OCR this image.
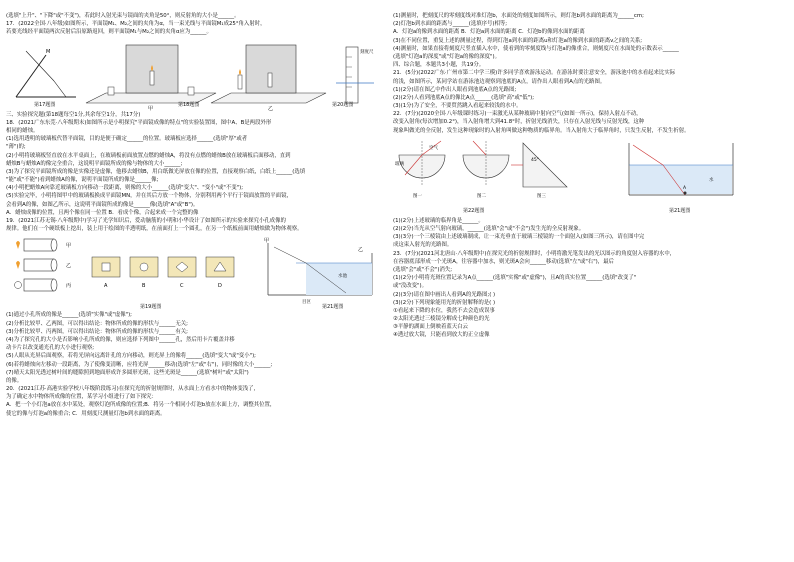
(选填"上升"、"下降"或"不变")，若此时入射光束与镜面的夹角是50°，则反射角的大小是______。
17．(2022全国·八年级)如图所示，平面镜M₁、M₂之间的夹角为α，当一束光线与平面镜M₁成25°角入射时，
若要光线经平面镜两次反射后沿原路返回，则平面镜M₁与M₂之间的夹角α应为______。
M
甲	乙
刻度尺
第17题图	第18题图	第20题图
三、实验探究题(第18题每空1分,其余每空1分，共17分)
18．(2021广东东莞·八年级期末)如图所示是小明探究"平面镜成像的特点"的实验装置图，图中A、B是两段外形
相同的蜡烛。
(1)选用透明的玻璃板代替平面镜，目的是便于确定______的位置。玻璃板应选择______(选填"厚"或者
"薄")的;
(2)小明将玻璃板竖直放在水平桌面上，在玻璃板前面放置点燃的蜡烛A，将没有点燃的蜡烛B放在玻璃板后面移动，直到
蜡烛B与蜡烛A的像完全重合，这说明平面镜所成的像与物体的大小______;
(3)为了探究平面镜所成的像是实像还是虚像，他移去蜡烛B，用白纸做光屏放在像的位置，直接观察白纸，白纸上______(选填
"能"或"不能")看到蜡烛A的像，说明平面镜所成的像是______像;
(4)小明把蜡烛A向靠近玻璃板方向移动一段距离，则像的大小______(选填"变大"、"变小"或"不变");
(5)实验完毕，小明将图甲中的玻璃板换成平面镜MN，并在其后方放一个物体，分别利用两个平行于镜面放置的平面镜，
会看到A的像，如图乙所示，这说明平面镜所成的像是______像(选填"A"或"B")。
A．蜡烛成像的位置，且两个像在同一位置 B．看成个像，合起来成一个完整的像
19．(2021江苏无锡·八年级期中)学习了光学知识后，爱动脑筋的小明和小华设计了如图所示的实验来探究小孔成像的
规律。他们在一个硬纸板上挖出，装上用于绘图的半透明纸，在前面打上一个圆孔，在另一个纸板前面用蜡烛做为物体观察。
甲
乙
丙	A	B	C	D
甲
乙
水池
目区
第19题图	第21题图
(1)通过小孔所成的像是______(选填"实像"或"虚像");
(2)分析比较甲、乙两图，可以得出结论：物体所成的像的形状与______无关;
(3)分析比较甲、丙两图，可以得出结论：物体所成的像的形状与______有关;
(4)为了探究孔的大小是否影响小孔所成的像，则应选择下列图中______孔，然后用卡片覆盖并移
动卡片以改变通光孔的大小进行观察;
(5)人眼从光屏后面观察，若将光屏向远离针孔的方向移动，则光屏上的像将______(选填"变大"或"变小");
(6)若将蜡烛向左移动一段距离，为了使像变清晰，应将光屏______移动(选填"左"或"右")，同时像的大小______;
(7)晴天太阳光透过树叶间的缝隙照到地面形成许多圆形光斑，这些光斑是______(选填"树叶"或"太阳")
的像。
20．(2021江苏·高港实验学校八年级阶段练习)在探究光的折射规律时，从水面上方看水中的物体变浅了，
为了确定水中物体所成像的位置，某学习小组进行了如下探究：
A．把一个小灯泡a放在水中某处，观察灯泡所成像的位置;B．将另一个相同小灯泡b放在水面上方，调整其位置，
使它的像与灯泡a的像重合; C．用刻度尺测量灯泡b到水面的距离。
(1)测量时，把刻度尺的零刻度线对准灯泡b，水面处的刻度如图所示，则灯泡b到水面的距离为______cm;
(2)灯泡b到水面的距离与______(选填序号)相等;
A．灯泡a的像到水面的距离 B．灯泡a到水面的距离 C．灯泡b的像到水面的距离
(3)在不同位置，重复上述的测量过程，得到灯泡a到水面的距离u和灯泡a的像到水面的距离v之间的关系;
(4)测量时，如果直接将刻度尺竖直插入水中，使看到的零刻度线与灯泡a的像重合，则刻度尺在水面处的示数表示______
(选填"灯泡a的深度"或"灯泡a的像的深度")。
四、综合题，本题共3小题，共19分。
21．(5分)(2022广东·广州市第二中学三模)许多同学喜欢游泳运动。在游泳时要注意安全，游泳池中的水看起来比实际
的浅，如图所示，某同学站在游泳池边观察到池底的A点，请作出人眼看到A点的光路图。
(1)(2分)请在图乙中作出人眼看到池底A点的光路图;
(2)(2分)人看到池底A点的像比A点______(选填"高"或"低");
(3)(1分)为了安全，不要贸然跳入看起来较浅的水中。
22．(7分)(2020全国·八年级课时练习)一束激光从某种玻璃中射向空气(如图一所示)，保持入射点不动，
改变入射角(每次增加0.2°)，当入射角增大到41.8°时，折射光线消失，只存在入射光线与反射光线，这种
现象叫做光的全反射，发生这种现象时的入射角叫做这种物质的临界角。当入射角大于临界角时，只发生反射，不发生折射。
空气
玻璃
图一	图二
45°
图三
A
水
第22题图	第21题图
(1)(2分)上述玻璃的临界角是______。
(2)(2分)当光从空气射向玻璃，______(选填"会"或"不会")发生光的全反射现象。
(3)(3分)一个三棱镜由上述玻璃制成，让一束光垂直于玻璃三棱镜的一个面射入(如图三所示)，请在图中完
成这束入射光的光路图。
23．(7分)(2021河北唐山·八年级期中)在探究光的折射规律时，小明将激光笔发出的光以图示的角度射入容器的水中，
在容器底部形成一个光斑A，往容器中加水，则光斑A会向______移动(选填"左"或"右")，最后
(选填"会"或"不会")消失;
(1)(2分)小明将光斑位置记录为A点______(选填"实像"或"虚像")，且A的真实位置______(选填"改变了"
或"没改变")。
(2)(3分)请在图中画出人看到A的光路图;( )
(3)(2分)下列现象能用光的折射解释的是( )
①看起来下降的水位，我然不去会造成误事
②太阳光透过三棱镜分解成七种颜色的光
③平静的湖面上倒映着蓝天白云
④透过放大镜，只能看到放大的正立虚像
